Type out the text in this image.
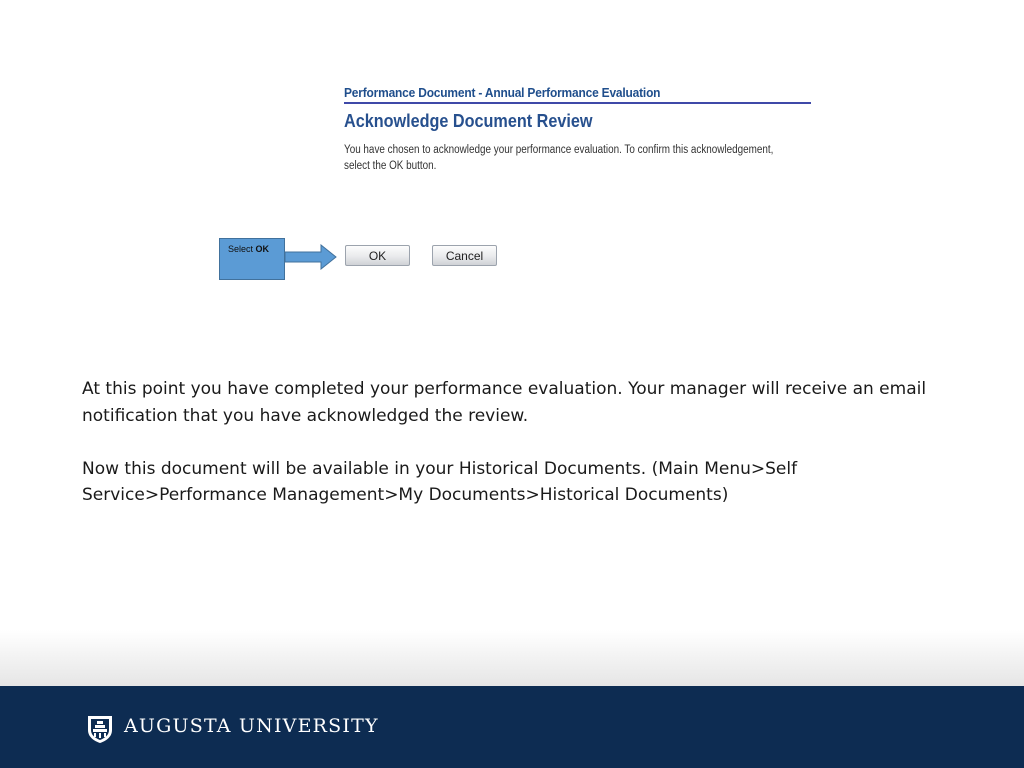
Performance Document - Annual Performance Evaluation
Acknowledge Document Review
You have chosen to acknowledge your performance evaluation. To confirm this acknowledgement,
select the OK button.
OK	Cancel
Select OK

At this point you have completed your performance evaluation. Your manager will receive an email notification that you have acknowledged the review.

Now this document will be available in your Historical Documents. (Main Menu>Self Service>Performance Management>My Documents>Historical Documents)

AUGUSTA UNIVERSITY
